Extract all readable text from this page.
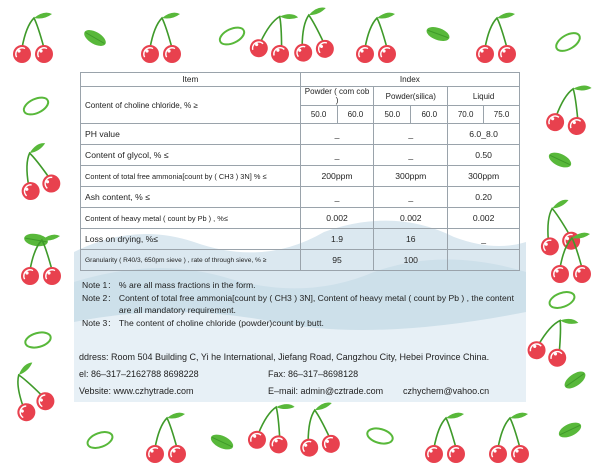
Item	Index					
Content of choline chloride, % ≥	Powder ( com cob )		Powder(silica)		Liquid	
	50.0	60.0	50.0	60.0	70.0	75.0
PH value	_		_		6.0_8.0	
Content of glycol, % ≤	_		_		0.50	
Content of total free ammonia[count by ( CH3 ) 3N] % ≤	200ppm		300ppm		300ppm	
Ash content, % ≤	_		_		0.20	
Content of heavy metal ( count by Pb ) , %≤	0.002		0.002		0.002	
Loss on drying, %≤	1.9		16		_	
Granularity ( R40/3, 650pm sieve ) , rate of through sieve, % ≥	95		100			
Note 1： % are all mass fractions in the form.
Note 2： Content of total free ammonia[count by ( CH3 ) 3N], Content of heavy metal ( count by Pb ) , the content are all mandatory requirement.
Note 3： The content of choline chloride (powder)count by butt.
ddress: Room 504 Building C, Yi he International, Jiefang Road, Cangzhou City, Hebei Province China.
el: 86–317–2162788 8698228	Fax: 86–317–8698128
Vebsite: www.czhytrade.com	E–mail: admin@cztrade.com czhychem@vahoo.cn
